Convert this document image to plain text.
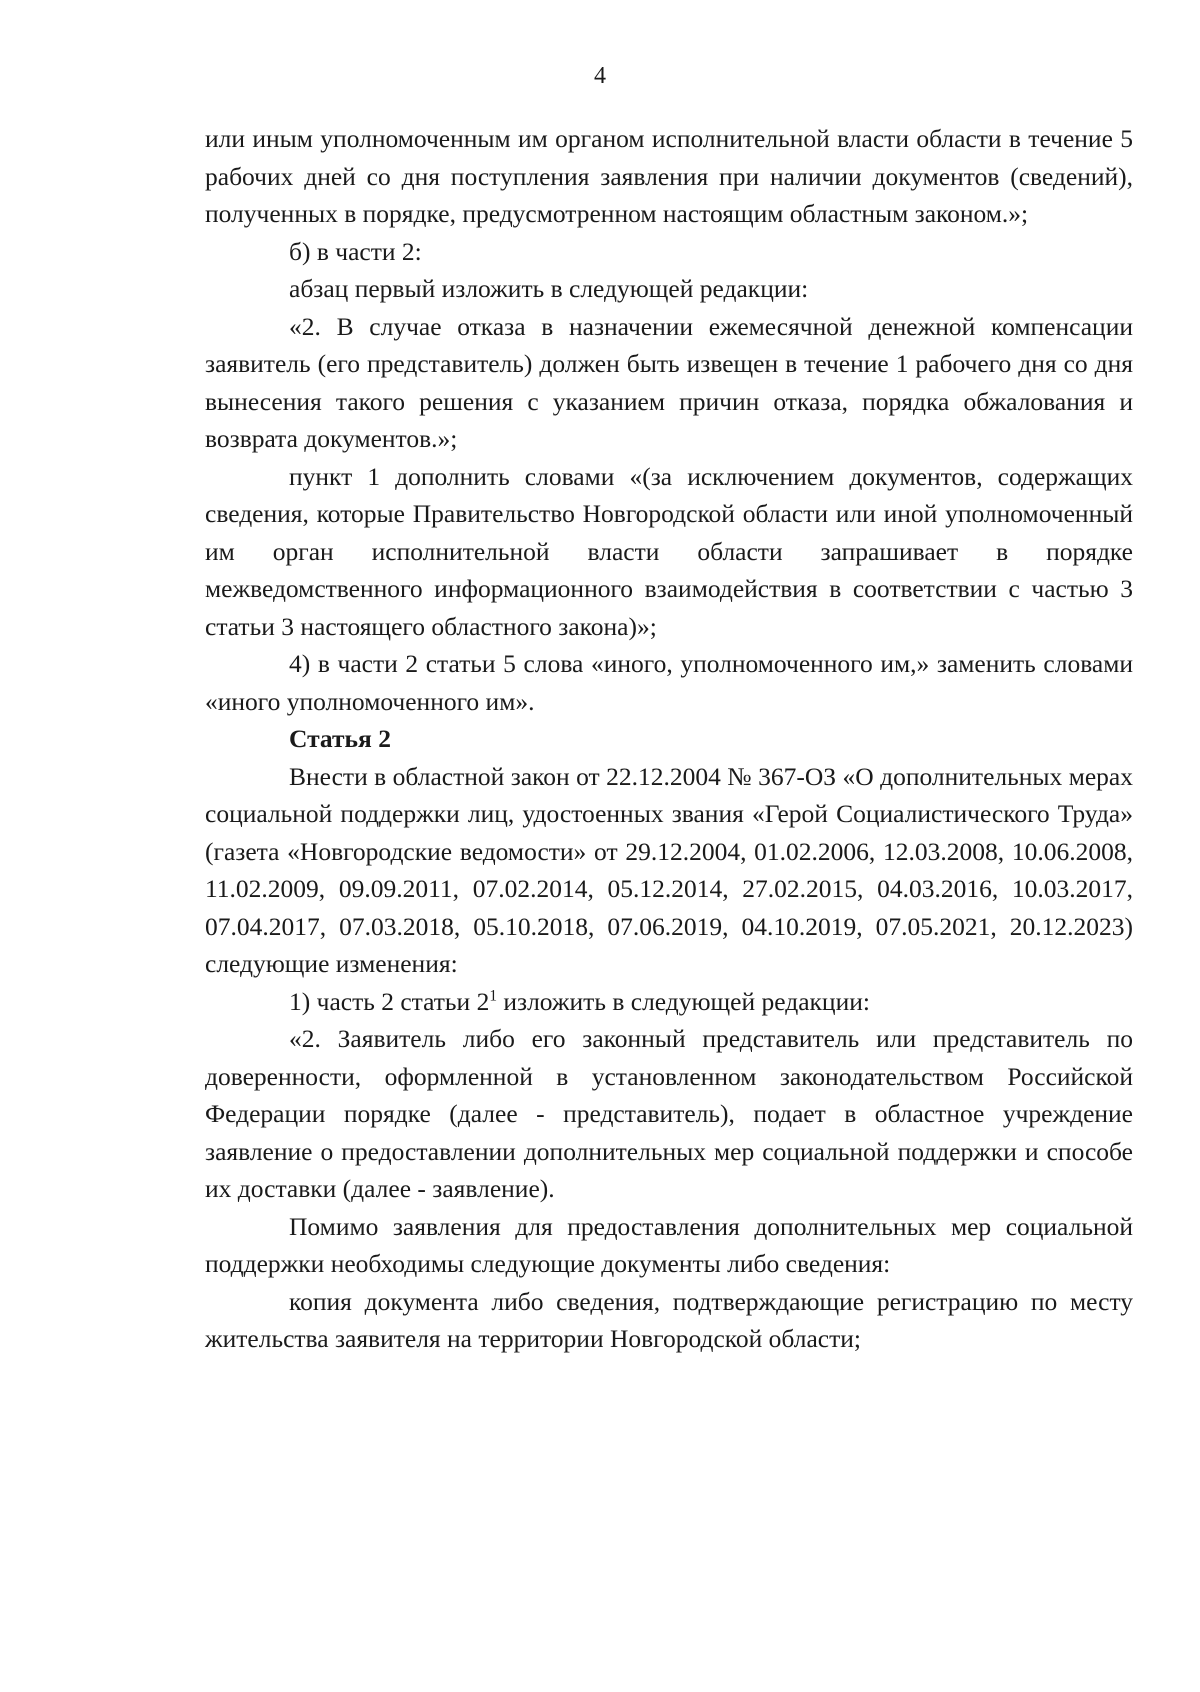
4

или иным уполномоченным им органом исполнительной власти области в течение 5 рабочих дней со дня поступления заявления при наличии документов (сведений), полученных в порядке, предусмотренном настоящим областным законом.»;

б) в части 2:

абзац первый изложить в следующей редакции:

«2. В случае отказа в назначении ежемесячной денежной компенсации заявитель (его представитель) должен быть извещен в течение 1 рабочего дня со дня вынесения такого решения с указанием причин отказа, порядка обжалования и возврата документов.»;

пункт 1 дополнить словами «(за исключением документов, содержащих сведения, которые Правительство Новгородской области или иной уполномоченный им орган исполнительной власти области запрашивает в порядке межведомственного информационного взаимодействия в соответствии с частью 3 статьи 3 настоящего областного закона)»;

4) в части 2 статьи 5 слова «иного, уполномоченного им,» заменить словами «иного уполномоченного им».

Статья 2

Внести в областной закон от 22.12.2004 № 367-ОЗ «О дополнительных мерах социальной поддержки лиц, удостоенных звания «Герой Социалистического Труда» (газета «Новгородские ведомости» от 29.12.2004, 01.02.2006, 12.03.2008, 10.06.2008, 11.02.2009, 09.09.2011, 07.02.2014, 05.12.2014, 27.02.2015, 04.03.2016, 10.03.2017, 07.04.2017, 07.03.2018, 05.10.2018, 07.06.2019, 04.10.2019, 07.05.2021, 20.12.2023) следующие изменения:

1) часть 2 статьи $2^1$ изложить в следующей редакции:

«2. Заявитель либо его законный представитель или представитель по доверенности, оформленной в установленном законодательством Российской Федерации порядке (далее - представитель), подает в областное учреждение заявление о предоставлении дополнительных мер социальной поддержки и способе их доставки (далее - заявление).

Помимо заявления для предоставления дополнительных мер социальной поддержки необходимы следующие документы либо сведения:

копия документа либо сведения, подтверждающие регистрацию по месту жительства заявителя на территории Новгородской области;
